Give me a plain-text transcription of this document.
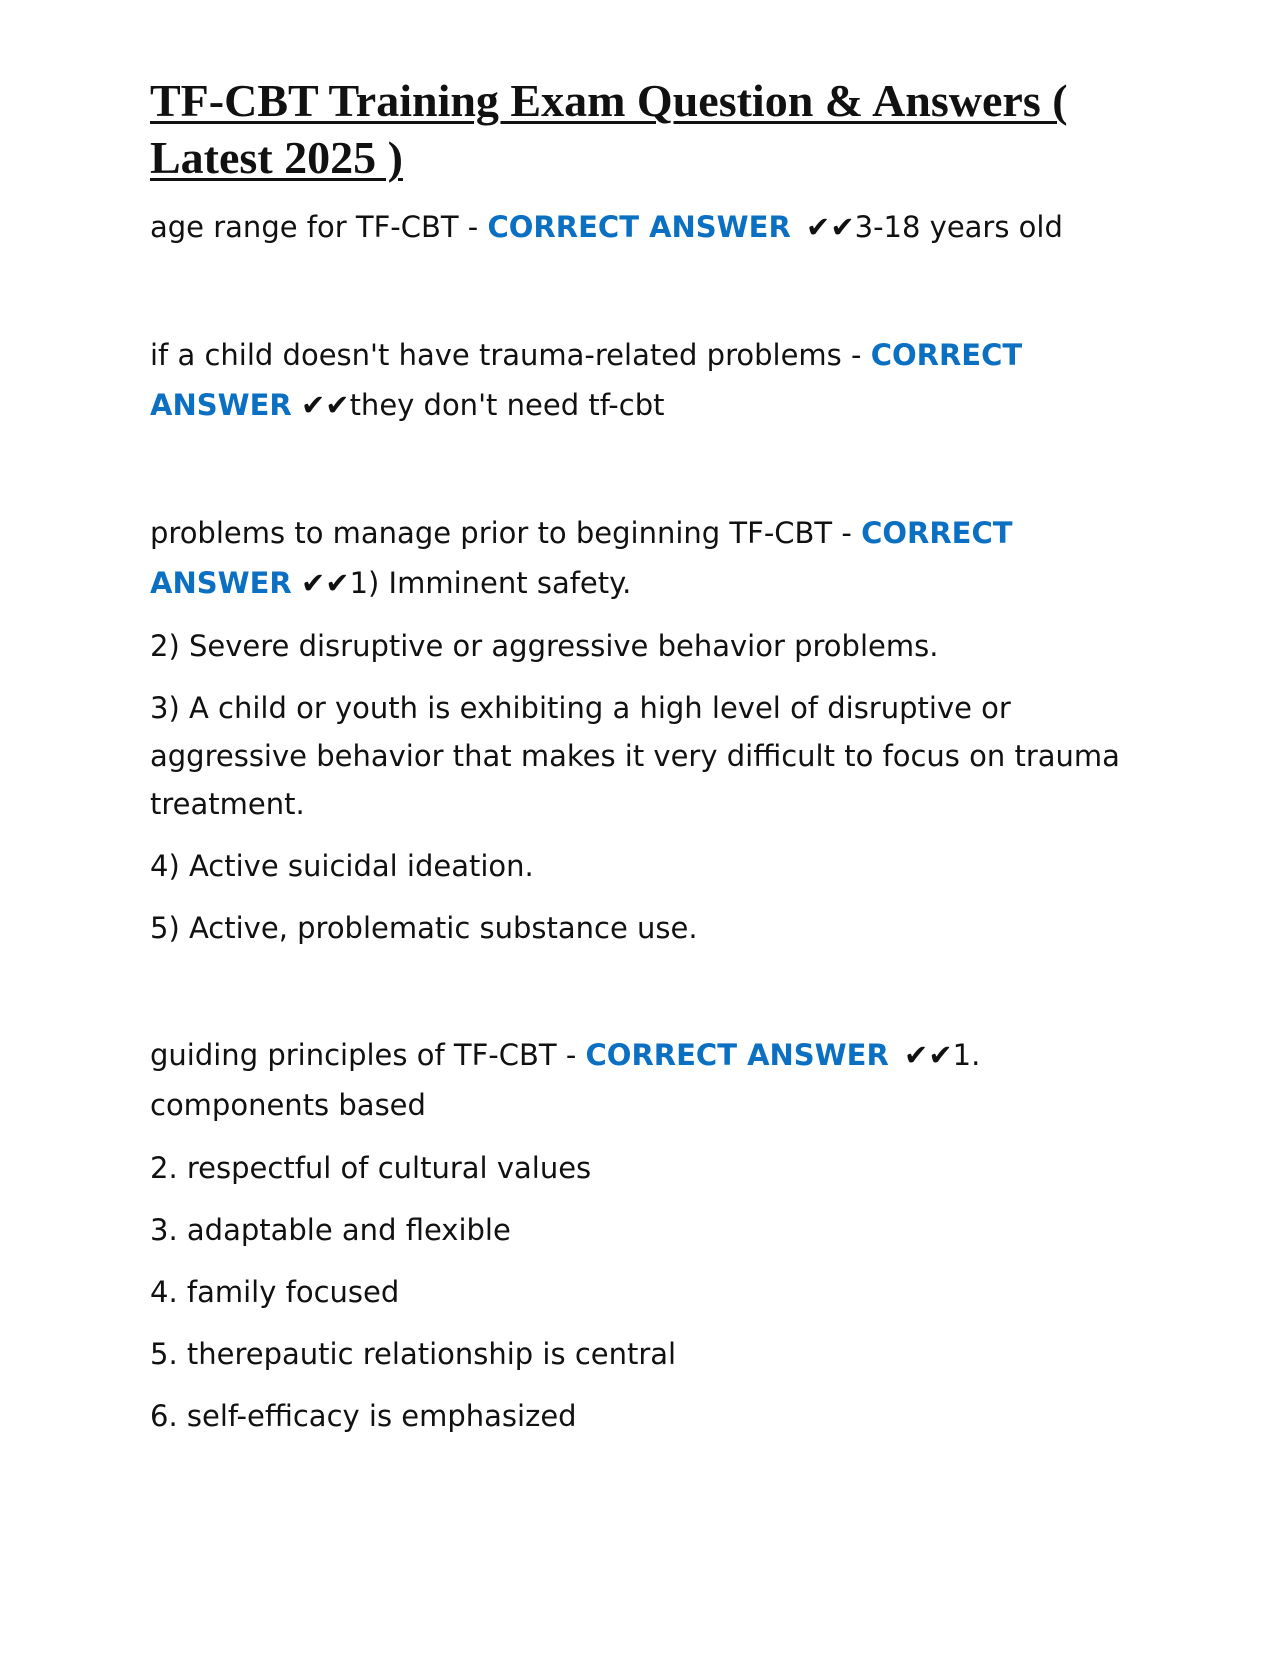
TF-CBT Training Exam Question & Answers ( Latest 2025 )

age range for TF-CBT - CORRECT ANSWER ✔✔3-18 years old

if a child doesn't have trauma-related problems - CORRECT ANSWER ✔✔they don't need tf-cbt

problems to manage prior to beginning TF-CBT - CORRECT ANSWER ✔✔1) Imminent safety.

2) Severe disruptive or aggressive behavior problems.

3) A child or youth is exhibiting a high level of disruptive or aggressive behavior that makes it very difficult to focus on trauma treatment.

4) Active suicidal ideation.

5) Active, problematic substance use.

guiding principles of TF-CBT - CORRECT ANSWER ✔✔1. components based

2. respectful of cultural values

3. adaptable and flexible

4. family focused

5. therepautic relationship is central

6. self-efficacy is emphasized
